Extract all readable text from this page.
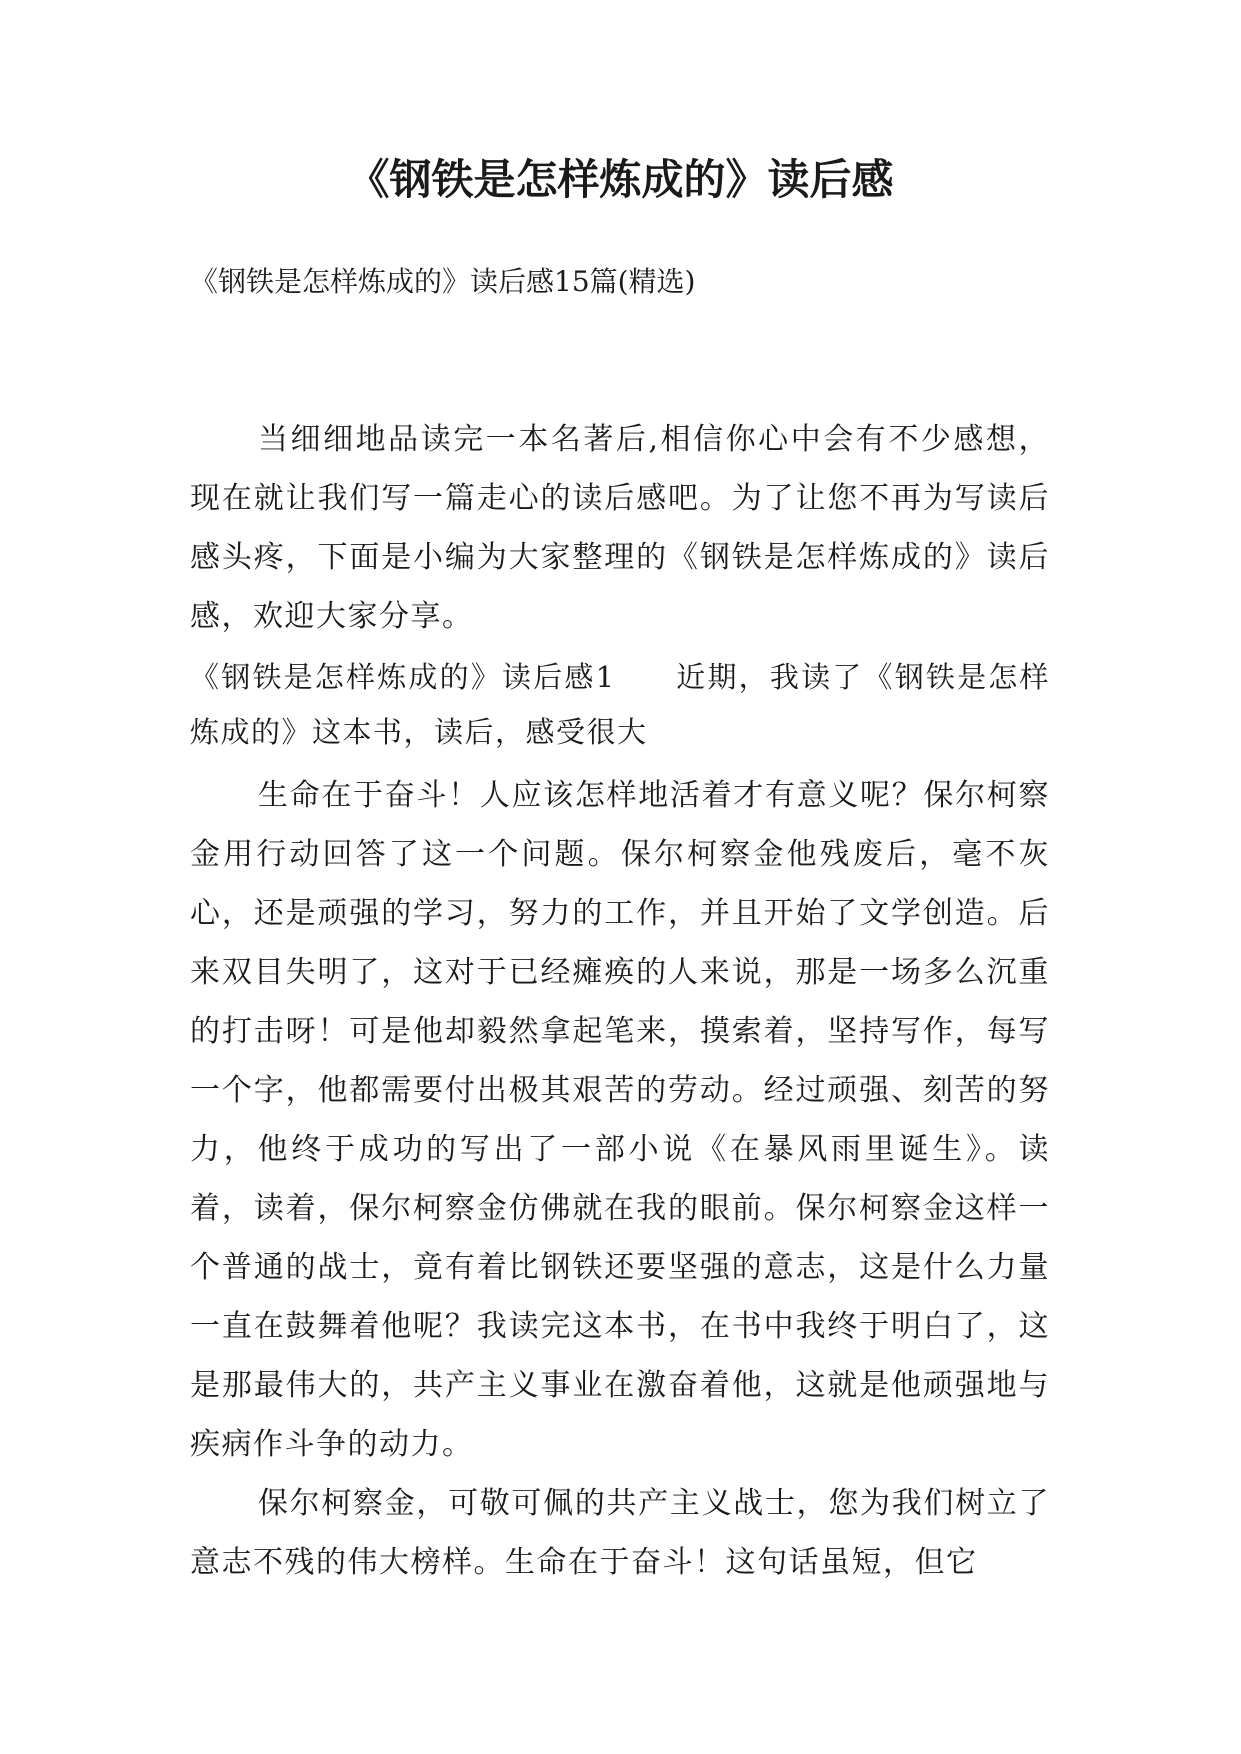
《钢铁是怎样炼成的》读后感

《钢铁是怎样炼成的》读后感15篇(精选)

当细细地品读完一本名著后,相信你心中会有不少感想，现在就让我们写一篇走心的读后感吧。为了让您不再为写读后感头疼，下面是小编为大家整理的《钢铁是怎样炼成的》读后感，欢迎大家分享。

《钢铁是怎样炼成的》读后感1 近期，我读了《钢铁是怎样炼成的》这本书，读后，感受很大

生命在于奋斗！人应该怎样地活着才有意义呢？保尔柯察金用行动回答了这一个问题。保尔柯察金他残废后，毫不灰心，还是顽强的学习，努力的工作，并且开始了文学创造。后来双目失明了，这对于已经瘫痪的人来说，那是一场多么沉重的打击呀！可是他却毅然拿起笔来，摸索着，坚持写作，每写一个字，他都需要付出极其艰苦的劳动。经过顽强、刻苦的努力，他终于成功的写出了一部小说《在暴风雨里诞生》。读着，读着，保尔柯察金仿佛就在我的眼前。保尔柯察金这样一个普通的战士，竟有着比钢铁还要坚强的意志，这是什么力量一直在鼓舞着他呢？我读完这本书，在书中我终于明白了，这是那最伟大的，共产主义事业在激奋着他，这就是他顽强地与疾病作斗争的动力。

保尔柯察金，可敬可佩的共产主义战士，您为我们树立了意志不残的伟大榜样。生命在于奋斗！这句话虽短，但它
